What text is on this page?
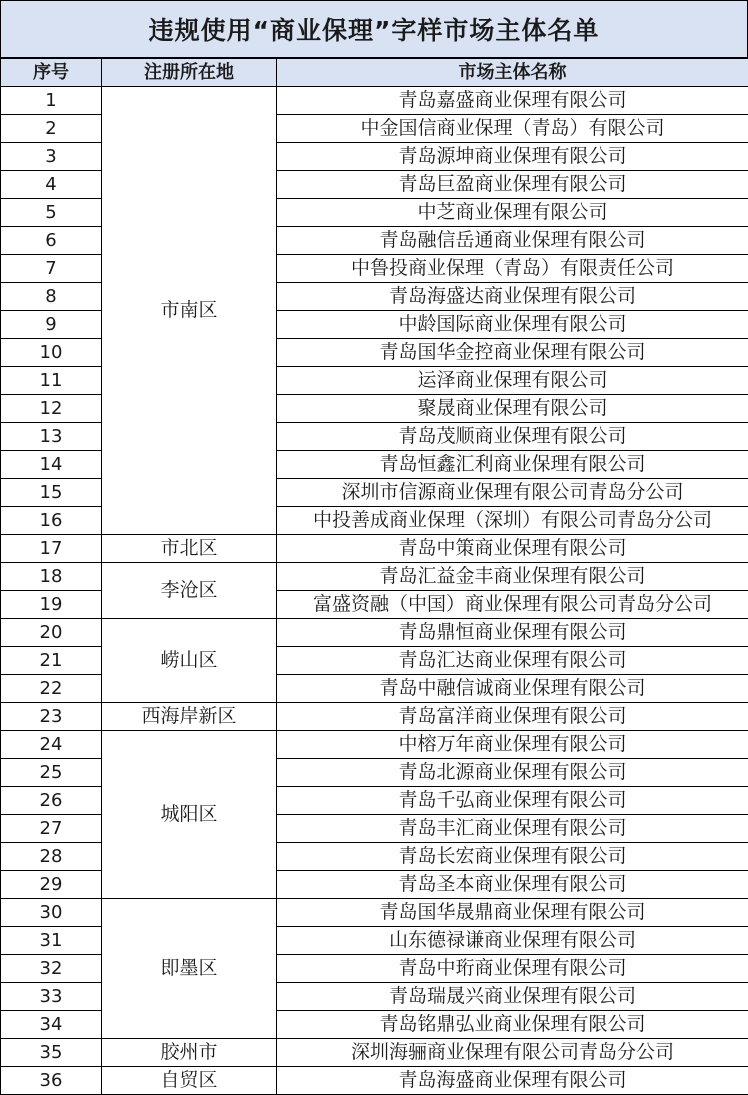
违规使用“商业保理”字样市场主体名单
序号	注册所在地	市场主体名称
1	市南区	青岛嘉盛商业保理有限公司
2		中金国信商业保理（青岛）有限公司
3		青岛源坤商业保理有限公司
4		青岛巨盈商业保理有限公司
5		中芝商业保理有限公司
6		青岛融信岳通商业保理有限公司
7		中鲁投商业保理（青岛）有限责任公司
8		青岛海盛达商业保理有限公司
9		中龄国际商业保理有限公司
10		青岛国华金控商业保理有限公司
11		运泽商业保理有限公司
12		聚晟商业保理有限公司
13		青岛茂顺商业保理有限公司
14		青岛恒鑫汇利商业保理有限公司
15		深圳市信源商业保理有限公司青岛分公司
16		中投善成商业保理（深圳）有限公司青岛分公司
17	市北区	青岛中策商业保理有限公司
18	李沧区	青岛汇益金丰商业保理有限公司
19		富盛资融（中国）商业保理有限公司青岛分公司
20	崂山区	青岛鼎恒商业保理有限公司
21		青岛汇达商业保理有限公司
22		青岛中融信诚商业保理有限公司
23	西海岸新区	青岛富洋商业保理有限公司
24	城阳区	中榕万年商业保理有限公司
25		青岛北源商业保理有限公司
26		青岛千弘商业保理有限公司
27		青岛丰汇商业保理有限公司
28		青岛长宏商业保理有限公司
29		青岛圣本商业保理有限公司
30	即墨区	青岛国华晟鼎商业保理有限公司
31		山东德禄谦商业保理有限公司
32		青岛中珩商业保理有限公司
33		青岛瑞晟兴商业保理有限公司
34		青岛铭鼎弘业商业保理有限公司
35	胶州市	深圳海骊商业保理有限公司青岛分公司
36	自贸区	青岛海盛商业保理有限公司
